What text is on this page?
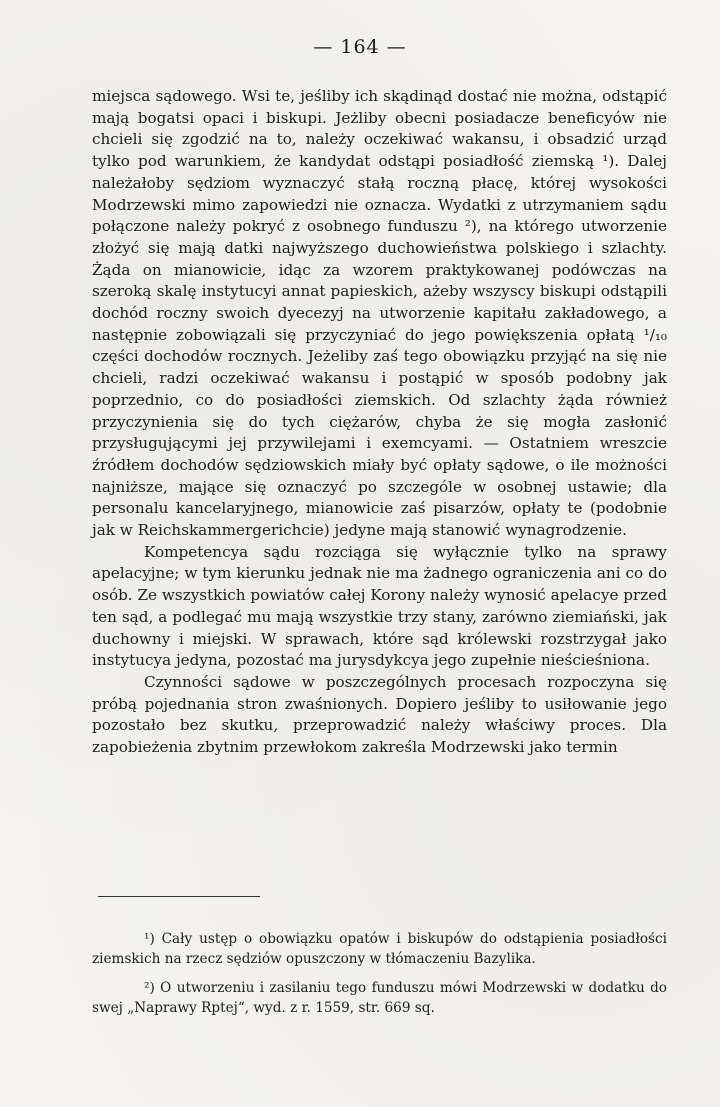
— 164 —

miejsca sądowego. Wsi te, jeśliby ich skądinąd dostać nie można, odstąpić mają bogatsi opaci i biskupi. Jeżliby obecni posiadacze beneficyów nie chcieli się zgodzić na to, należy oczekiwać wakansu, i obsadzić urząd tylko pod warunkiem, że kandydat odstąpi posiadłość ziemską ¹). Dalej należałoby sędziom wyznaczyć stałą roczną płacę, której wysokości Modrzewski mimo zapowiedzi nie oznacza. Wydatki z utrzymaniem sądu połączone należy pokryć z osobnego funduszu ²), na którego utworzenie złożyć się mają datki najwyższego duchowieństwa polskiego i szlachty. Żąda on mianowicie, idąc za wzorem praktykowanej podówczas na szeroką skalę instytucyi annat papieskich, ażeby wszyscy biskupi odstąpili dochód roczny swoich dyecezyj na utworzenie kapitału zakładowego, a następnie zobowiązali się przyczyniać do jego powiększenia opłatą ¹/₁₀ części dochodów rocznych. Jeżeliby zaś tego obowiązku przyjąć na się nie chcieli, radzi oczekiwać wakansu i postąpić w sposób podobny jak poprzednio, co do posiadłości ziemskich. Od szlachty żąda również przyczynienia się do tych ciężarów, chyba że się mogła zasłonić przysługującymi jej przywilejami i exemcyami. — Ostatniem wreszcie źródłem dochodów sędziowskich miały być opłaty sądowe, o ile możności najniższe, mające się oznaczyć po szczególe w osobnej ustawie; dla personalu kancelaryjnego, mianowicie zaś pisarzów, opłaty te (podobnie jak w Reichskammergerichcie) jedyne mają stanowić wynagrodzenie.

Kompetencya sądu rozciąga się wyłącznie tylko na sprawy apelacyjne; w tym kierunku jednak nie ma żadnego ograniczenia ani co do osób. Ze wszystkich powiatów całej Korony należy wynosić apelacye przed ten sąd, a podlegać mu mają wszystkie trzy stany, zarówno ziemiański, jak duchowny i miejski. W sprawach, które sąd królewski rozstrzygał jako instytucya jedyna, pozostać ma jurysdykcya jego zupełnie nieścieśniona.

Czynności sądowe w poszczególnych procesach rozpoczyna się próbą pojednania stron zwaśnionych. Dopiero jeśliby to usiłowanie jego pozostało bez skutku, przeprowadzić należy właściwy proces. Dla zapobieżenia zbytnim przewłokom zakreśla Modrzewski jako termin

¹) Cały ustęp o obowiązku opatów i biskupów do odstąpienia posiadłości ziemskich na rzecz sędziów opuszczony w tłómaczeniu Bazylika.

²) O utworzeniu i zasilaniu tego funduszu mówi Modrzewski w dodatku do swej „Naprawy Rptej“, wyd. z r. 1559, str. 669 sq.
